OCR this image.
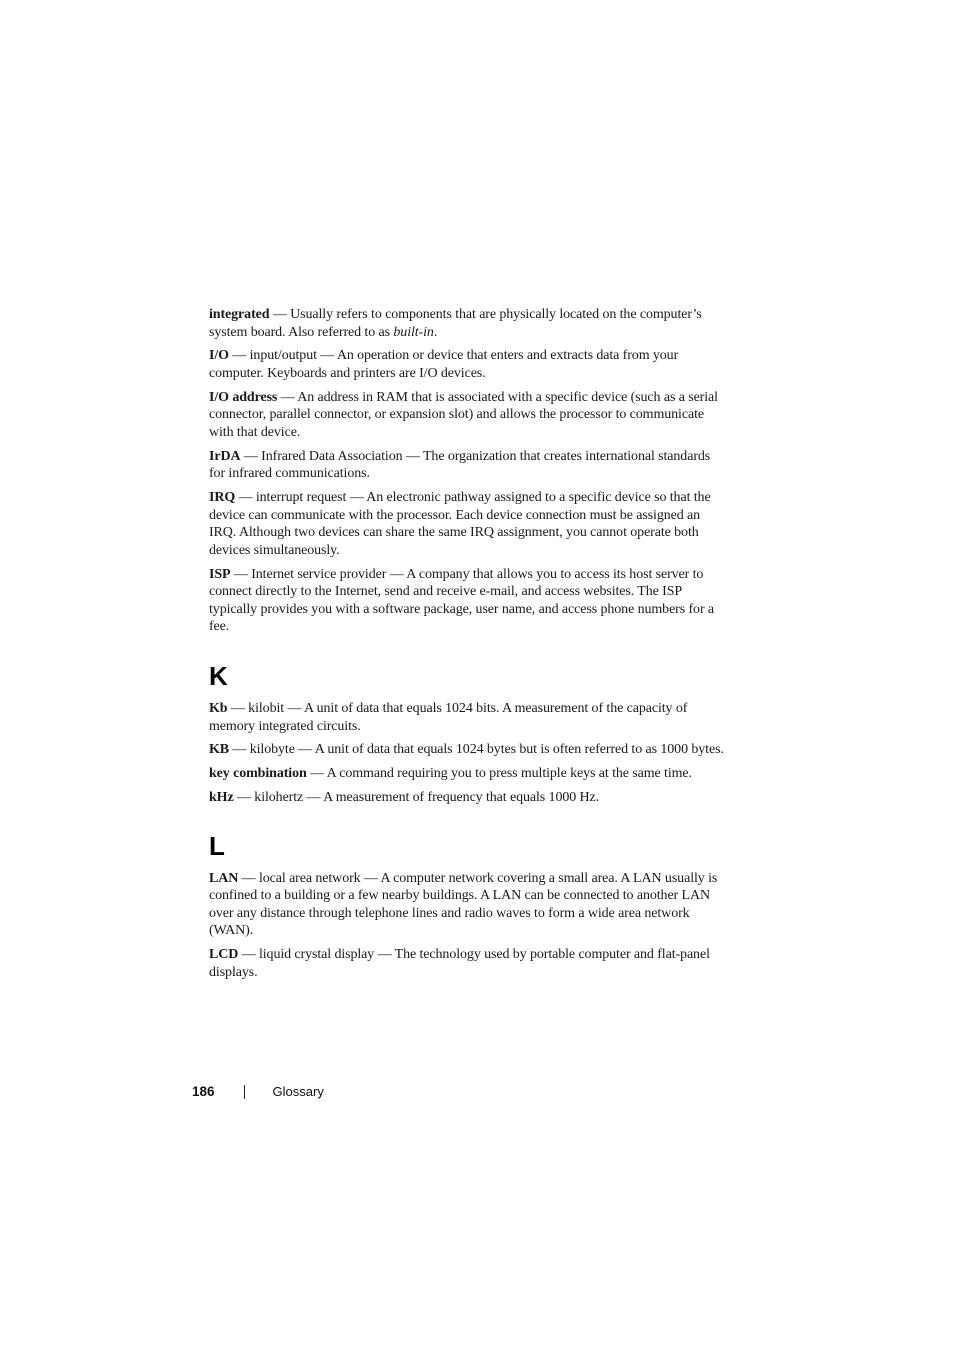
integrated — Usually refers to components that are physically located on the computer’s system board. Also referred to as built-in.

I/O — input/output — An operation or device that enters and extracts data from your computer. Keyboards and printers are I/O devices.

I/O address — An address in RAM that is associated with a specific device (such as a serial connector, parallel connector, or expansion slot) and allows the processor to communicate with that device.

IrDA — Infrared Data Association — The organization that creates international standards for infrared communications.

IRQ — interrupt request — An electronic pathway assigned to a specific device so that the device can communicate with the processor. Each device connection must be assigned an IRQ. Although two devices can share the same IRQ assignment, you cannot operate both devices simultaneously.

ISP — Internet service provider — A company that allows you to access its host server to connect directly to the Internet, send and receive e-mail, and access websites. The ISP typically provides you with a software package, user name, and access phone numbers for a fee.

K

Kb — kilobit — A unit of data that equals 1024 bits. A measurement of the capacity of memory integrated circuits.

KB — kilobyte — A unit of data that equals 1024 bytes but is often referred to as 1000 bytes.

key combination — A command requiring you to press multiple keys at the same time.

kHz — kilohertz — A measurement of frequency that equals 1000 Hz.

L

LAN — local area network — A computer network covering a small area. A LAN usually is confined to a building or a few nearby buildings. A LAN can be connected to another LAN over any distance through telephone lines and radio waves to form a wide area network (WAN).

LCD — liquid crystal display — The technology used by portable computer and flat-panel displays.

186	Glossary
